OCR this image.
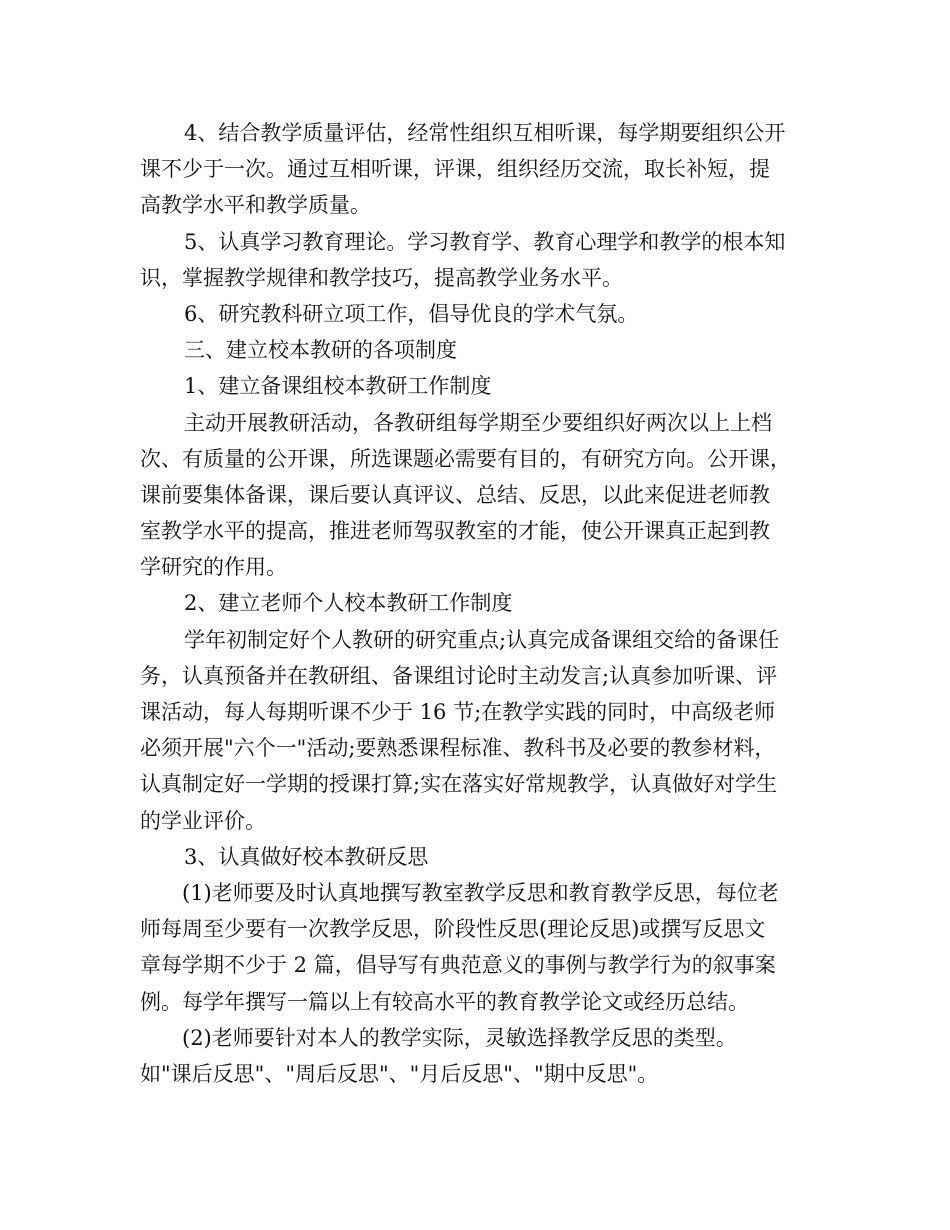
4、结合教学质量评估，经常性组织互相听课，每学期要组织公开
课不少于一次。通过互相听课，评课，组织经历交流，取长补短，提
高教学水平和教学质量。
5、认真学习教育理论。学习教育学、教育心理学和教学的根本知
识，掌握教学规律和教学技巧，提高教学业务水平。
6、研究教科研立项工作，倡导优良的学术气氛。
三、建立校本教研的各项制度
1、建立备课组校本教研工作制度
主动开展教研活动，各教研组每学期至少要组织好两次以上上档
次、有质量的公开课，所选课题必需要有目的，有研究方向。公开课，
课前要集体备课，课后要认真评议、总结、反思，以此来促进老师教
室教学水平的提高，推进老师驾驭教室的才能，使公开课真正起到教
学研究的作用。
2、建立老师个人校本教研工作制度
学年初制定好个人教研的研究重点;认真完成备课组交给的备课任
务，认真预备并在教研组、备课组讨论时主动发言;认真参加听课、评
课活动，每人每期听课不少于 16 节;在教学实践的同时，中高级老师
必须开展"六个一"活动;要熟悉课程标准、教科书及必要的教参材料，
认真制定好一学期的授课打算;实在落实好常规教学，认真做好对学生
的学业评价。
3、认真做好校本教研反思
(1)老师要及时认真地撰写教室教学反思和教育教学反思，每位老
师每周至少要有一次教学反思，阶段性反思(理论反思)或撰写反思文
章每学期不少于 2 篇，倡导写有典范意义的事例与教学行为的叙事案
例。每学年撰写一篇以上有较高水平的教育教学论文或经历总结。
(2)老师要针对本人的教学实际，灵敏选择教学反思的类型。
如"课后反思"、"周后反思"、"月后反思"、"期中反思"。
